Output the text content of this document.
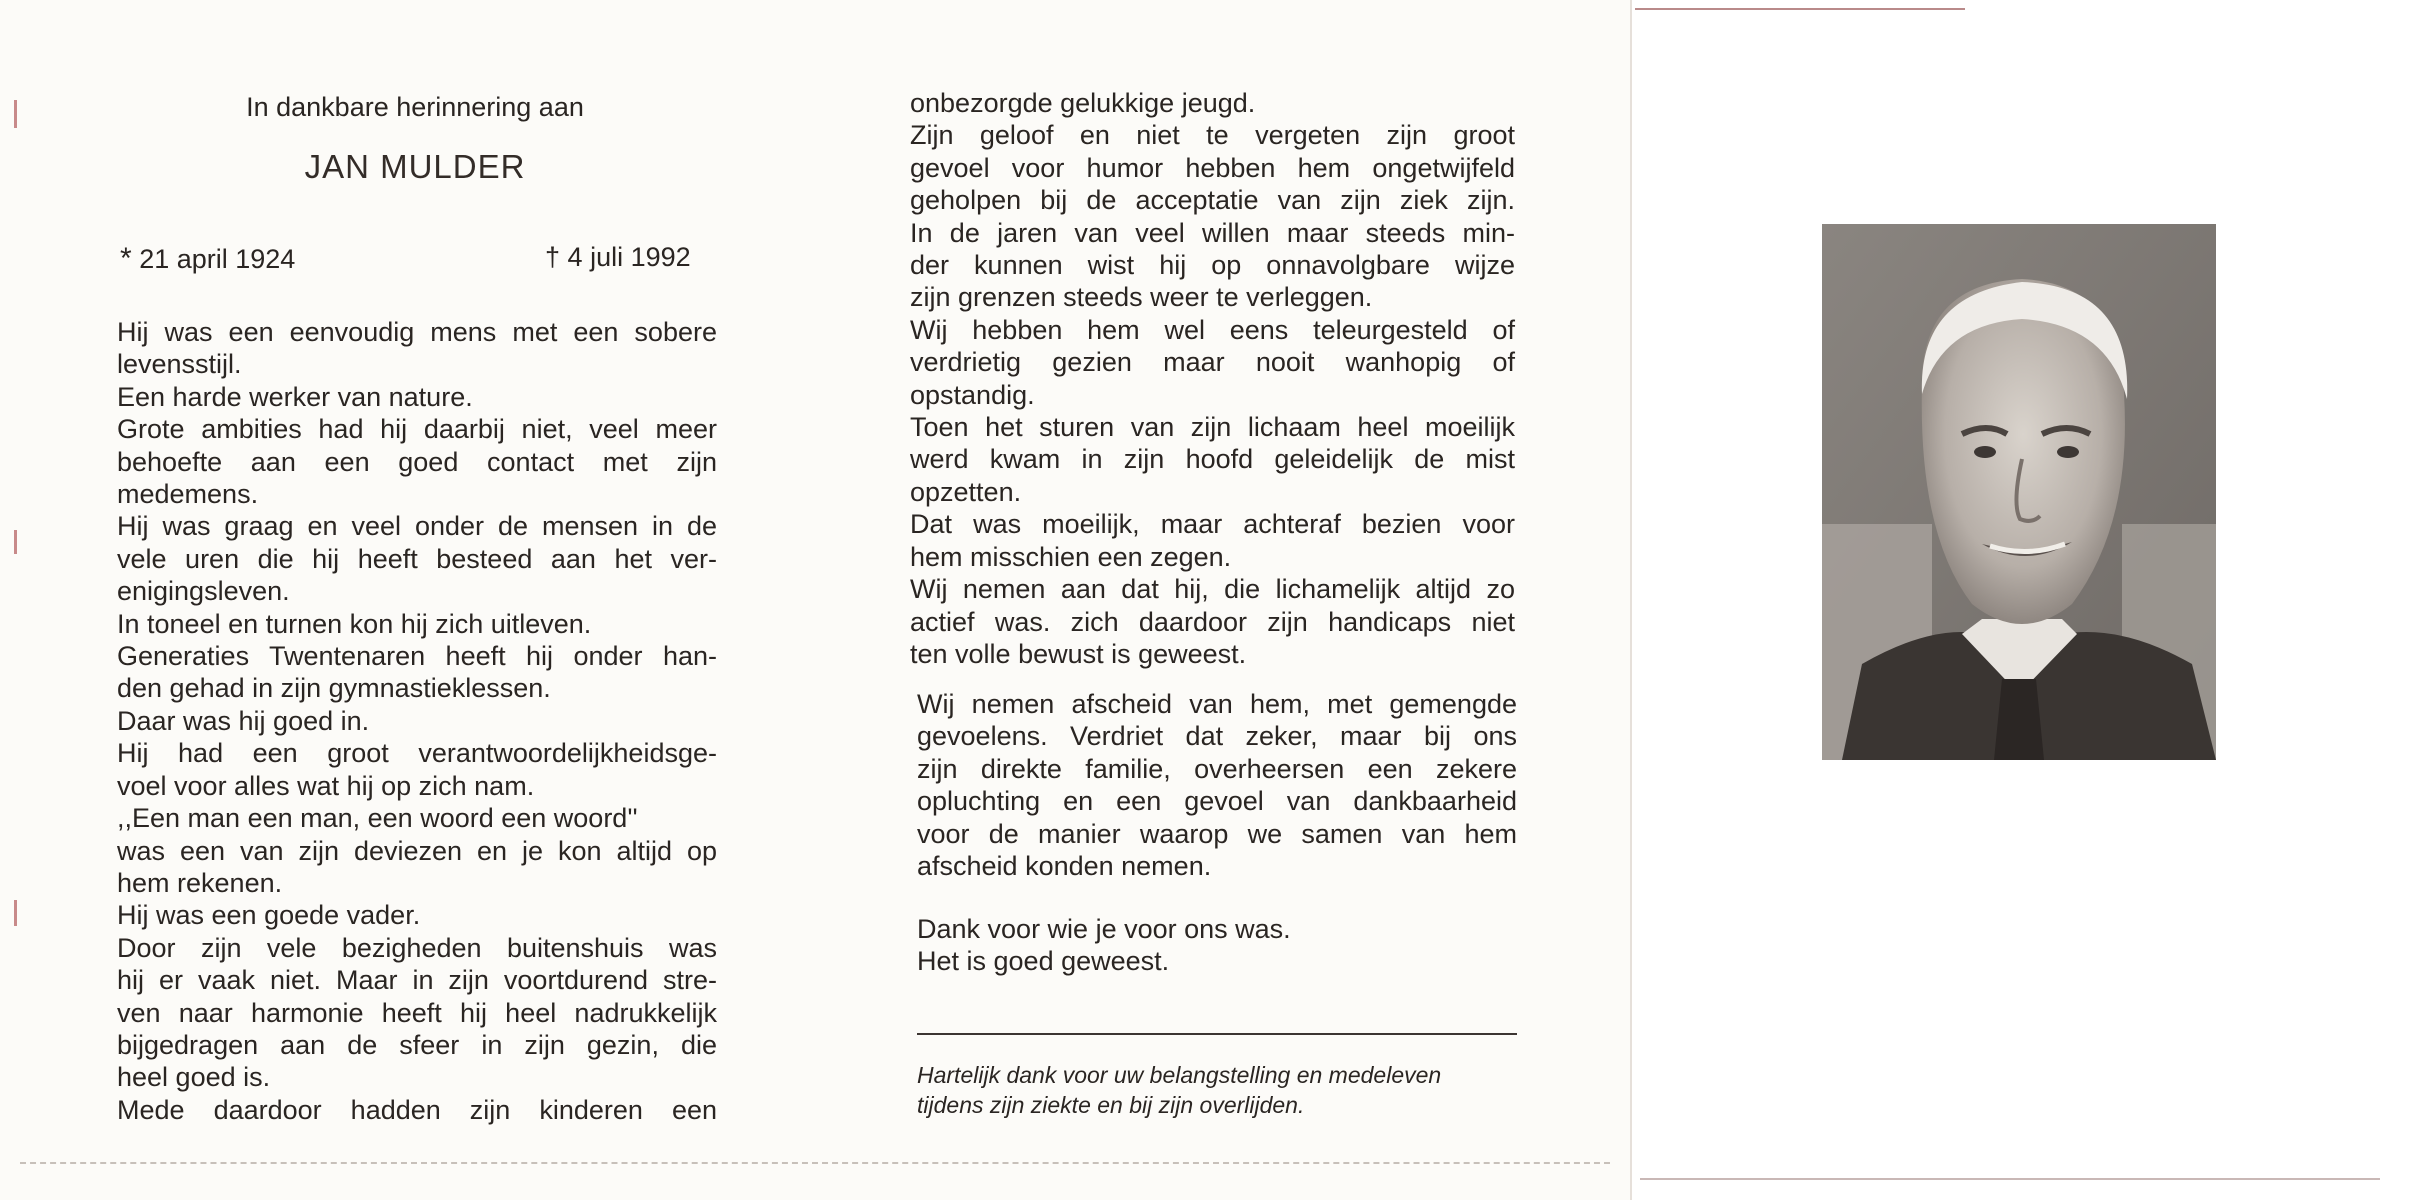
In dankbare herinnering aan
JAN MULDER
* 21 april 1924	† 4 juli 1992
Hij was een eenvoudig mens met een sobere
levensstijl.
Een harde werker van nature.
Grote ambities had hij daarbij niet, veel meer
behoefte aan een goed contact met zijn
medemens.
Hij was graag en veel onder de mensen in de
vele uren die hij heeft besteed aan het ver-
enigingsleven.
In toneel en turnen kon hij zich uitleven.
Generaties Twentenaren heeft hij onder han-
den gehad in zijn gymnastieklessen.
Daar was hij goed in.
Hij had een groot verantwoordelijkheidsge-
voel voor alles wat hij op zich nam.
,,Een man een man, een woord een woord''
was een van zijn deviezen en je kon altijd op
hem rekenen.
Hij was een goede vader.
Door zijn vele bezigheden buitenshuis was
hij er vaak niet. Maar in zijn voortdurend stre-
ven naar harmonie heeft hij heel nadrukkelijk
bijgedragen aan de sfeer in zijn gezin, die
heel goed is.
Mede daardoor hadden zijn kinderen een
onbezorgde gelukkige jeugd.
Zijn geloof en niet te vergeten zijn groot
gevoel voor humor hebben hem ongetwijfeld
geholpen bij de acceptatie van zijn ziek zijn.
In de jaren van veel willen maar steeds min-
der kunnen wist hij op onnavolgbare wijze
zijn grenzen steeds weer te verleggen.
Wij hebben hem wel eens teleurgesteld of
verdrietig gezien maar nooit wanhopig of
opstandig.
Toen het sturen van zijn lichaam heel moeilijk
werd kwam in zijn hoofd geleidelijk de mist
opzetten.
Dat was moeilijk, maar achteraf bezien voor
hem misschien een zegen.
Wij nemen aan dat hij, die lichamelijk altijd zo
actief was. zich daardoor zijn handicaps niet
ten volle bewust is geweest.
Wij nemen afscheid van hem, met gemengde
gevoelens. Verdriet dat zeker, maar bij ons
zijn direkte familie, overheersen een zekere
opluchting en een gevoel van dankbaarheid
voor de manier waarop we samen van hem
afscheid konden nemen.
Dank voor wie je voor ons was.
Het is goed geweest.
Hartelijk dank voor uw belangstelling en medeleven
tijdens zijn ziekte en bij zijn overlijden.
